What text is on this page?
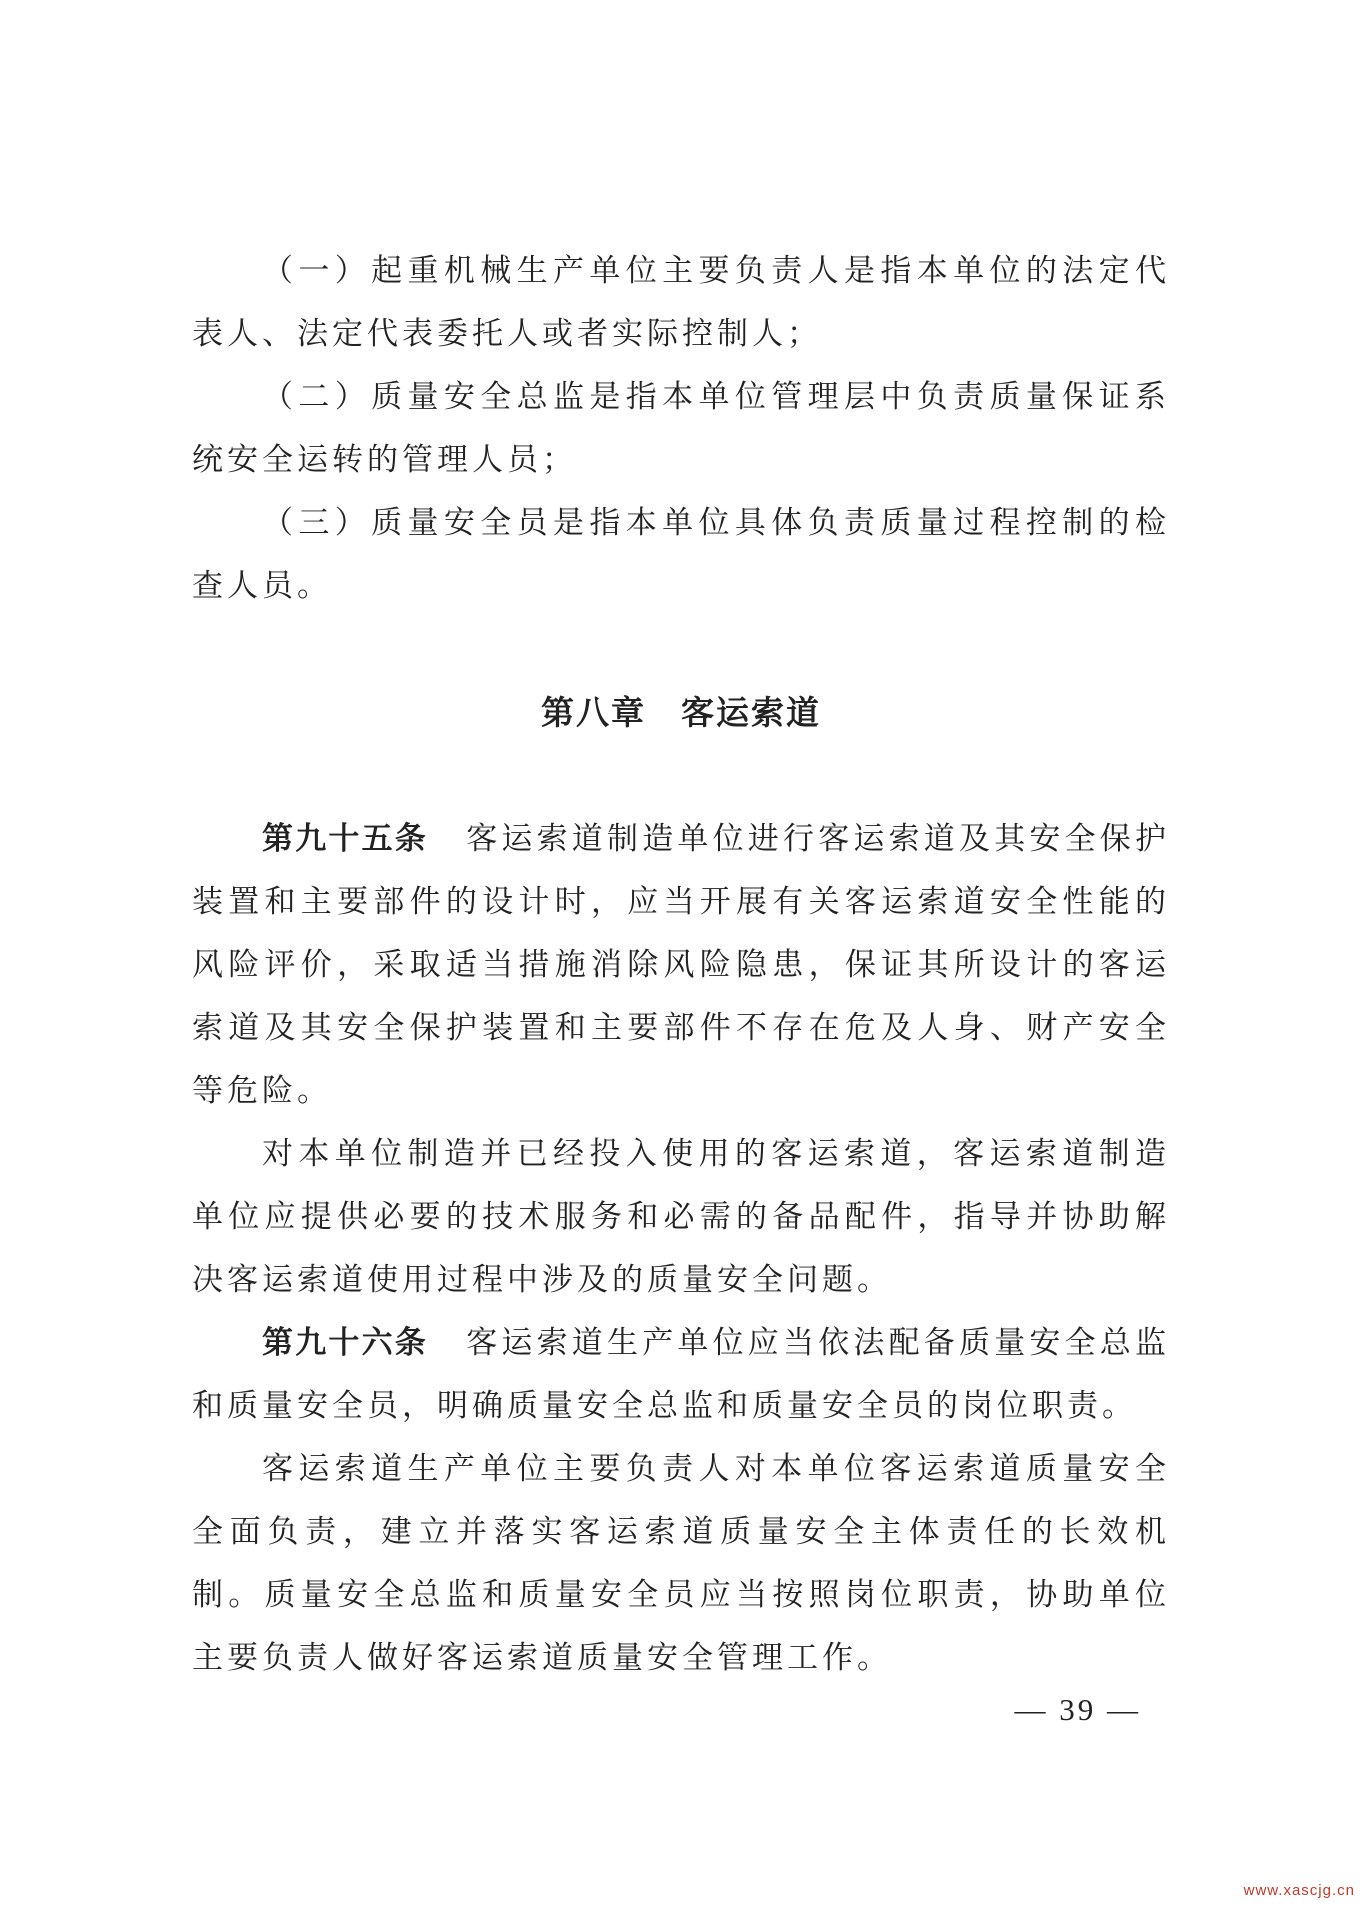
（一）起重机械生产单位主要负责人是指本单位的法定代表人、法定代表委托人或者实际控制人；

（二）质量安全总监是指本单位管理层中负责质量保证系统安全运转的管理人员；

（三）质量安全员是指本单位具体负责质量过程控制的检查人员。

第八章　客运索道

第九十五条 客运索道制造单位进行客运索道及其安全保护装置和主要部件的设计时，应当开展有关客运索道安全性能的风险评价，采取适当措施消除风险隐患，保证其所设计的客运索道及其安全保护装置和主要部件不存在危及人身、财产安全等危险。

对本单位制造并已经投入使用的客运索道，客运索道制造单位应提供必要的技术服务和必需的备品配件，指导并协助解决客运索道使用过程中涉及的质量安全问题。

第九十六条 客运索道生产单位应当依法配备质量安全总监和质量安全员，明确质量安全总监和质量安全员的岗位职责。

客运索道生产单位主要负责人对本单位客运索道质量安全全面负责，建立并落实客运索道质量安全主体责任的长效机制。质量安全总监和质量安全员应当按照岗位职责，协助单位主要负责人做好客运索道质量安全管理工作。

— 39 —
www.xascjg.cn
